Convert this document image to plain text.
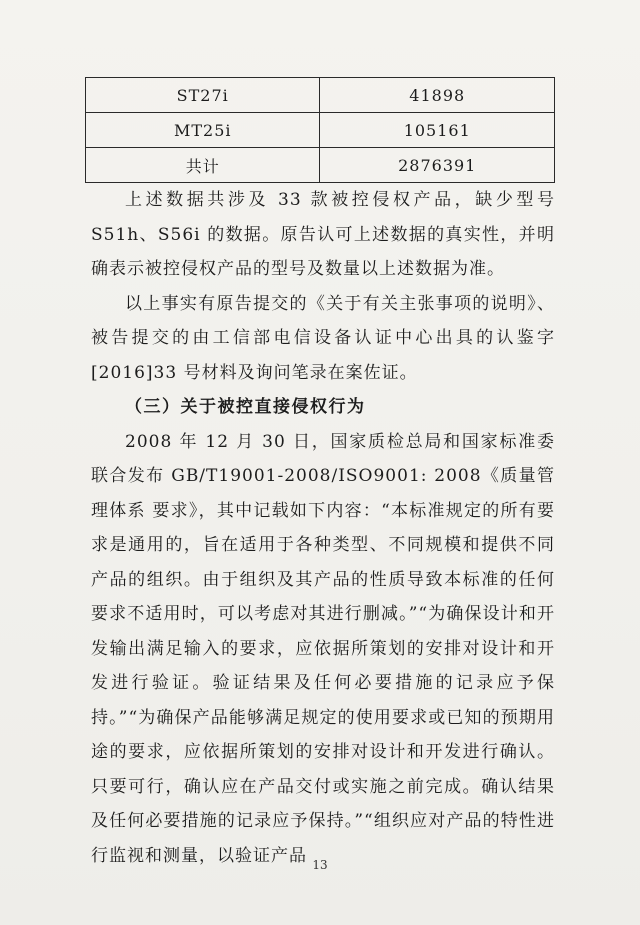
ST27i	41898
MT25i	105161
共计	2876391

上述数据共涉及 33 款被控侵权产品，缺少型号 S51h、S56i 的数据。原告认可上述数据的真实性，并明确表示被控侵权产品的型号及数量以上述数据为准。

以上事实有原告提交的《关于有关主张事项的说明》、被告提交的由工信部电信设备认证中心出具的认鉴字[2016]33 号材料及询问笔录在案佐证。

（三）关于被控直接侵权行为

2008 年 12 月 30 日，国家质检总局和国家标准委联合发布 GB/T19001-2008/ISO9001: 2008《质量管理体系 要求》，其中记载如下内容：“本标准规定的所有要求是通用的，旨在适用于各种类型、不同规模和提供不同产品的组织。由于组织及其产品的性质导致本标准的任何要求不适用时，可以考虑对其进行删减。”“为确保设计和开发输出满足输入的要求，应依据所策划的安排对设计和开发进行验证。验证结果及任何必要措施的记录应予保持。”“为确保产品能够满足规定的使用要求或已知的预期用途的要求，应依据所策划的安排对设计和开发进行确认。只要可行，确认应在产品交付或实施之前完成。确认结果及任何必要措施的记录应予保持。”“组织应对产品的特性进行监视和测量，以验证产品 13
